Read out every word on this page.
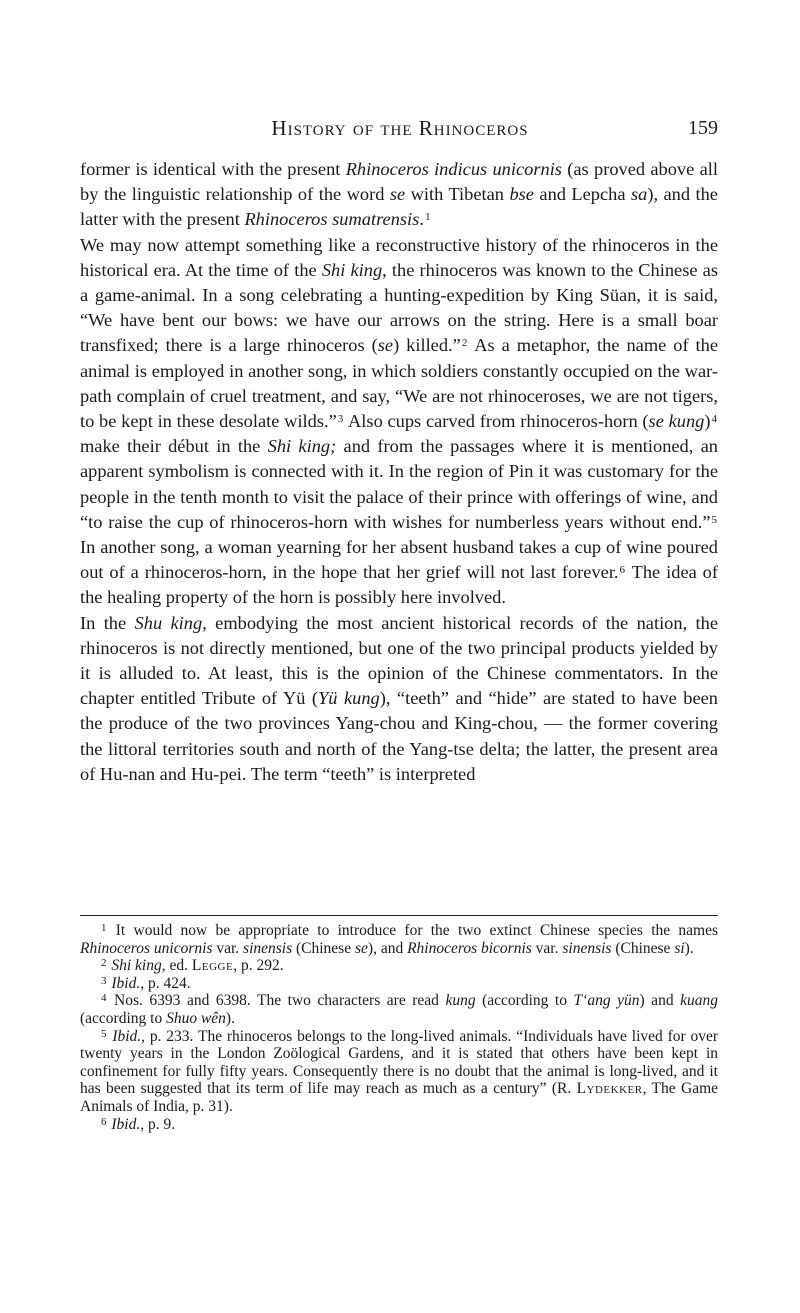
History of the Rhinoceros	159

former is identical with the present Rhinoceros indicus unicornis (as proved above all by the linguistic relationship of the word se with Tibetan bse and Lepcha sa), and the latter with the present Rhinoceros sumatrensis.$^1$

We may now attempt something like a reconstructive history of the rhinoceros in the historical era. At the time of the Shi king, the rhinoceros was known to the Chinese as a game-animal. In a song celebrating a hunting-expedition by King Süan, it is said, “We have bent our bows: we have our arrows on the string. Here is a small boar transfixed; there is a large rhinoceros (se) killed.”$^2$ As a metaphor, the name of the animal is employed in another song, in which soldiers constantly occupied on the war-path complain of cruel treatment, and say, “We are not rhinoceroses, we are not tigers, to be kept in these desolate wilds.”$^3$ Also cups carved from rhinoceros-horn (se kung)$^4$ make their début in the Shi king; and from the passages where it is mentioned, an apparent symbolism is connected with it. In the region of Pin it was customary for the people in the tenth month to visit the palace of their prince with offerings of wine, and “to raise the cup of rhinoceros-horn with wishes for numberless years without end.”$^5$ In another song, a woman yearning for her absent husband takes a cup of wine poured out of a rhinoceros-horn, in the hope that her grief will not last forever.$^6$ The idea of the healing property of the horn is possibly here involved.

In the Shu king, embodying the most ancient historical records of the nation, the rhinoceros is not directly mentioned, but one of the two principal products yielded by it is alluded to. At least, this is the opinion of the Chinese commentators. In the chapter entitled Tribute of Yü (Yü kung), “teeth” and “hide” are stated to have been the produce of the two provinces Yang-chou and King-chou, — the former covering the littoral territories south and north of the Yang-tse delta; the latter, the present area of Hu-nan and Hu-pei. The term “teeth” is interpreted

$^1$ It would now be appropriate to introduce for the two extinct Chinese species the names Rhinoceros unicornis var. sinensis (Chinese se), and Rhinoceros bicornis var. sinensis (Chinese si).

$^2$ Shi king, ed. Legge, p. 292.

$^3$ Ibid., p. 424.

$^4$ Nos. 6393 and 6398. The two characters are read kung (according to T‘ang yün) and kuang (according to Shuo wên).

$^5$ Ibid., p. 233. The rhinoceros belongs to the long-lived animals. “Individuals have lived for over twenty years in the London Zoölogical Gardens, and it is stated that others have been kept in confinement for fully fifty years. Consequently there is no doubt that the animal is long-lived, and it has been suggested that its term of life may reach as much as a century” (R. Lydekker, The Game Animals of India, p. 31).

$^6$ Ibid., p. 9.
